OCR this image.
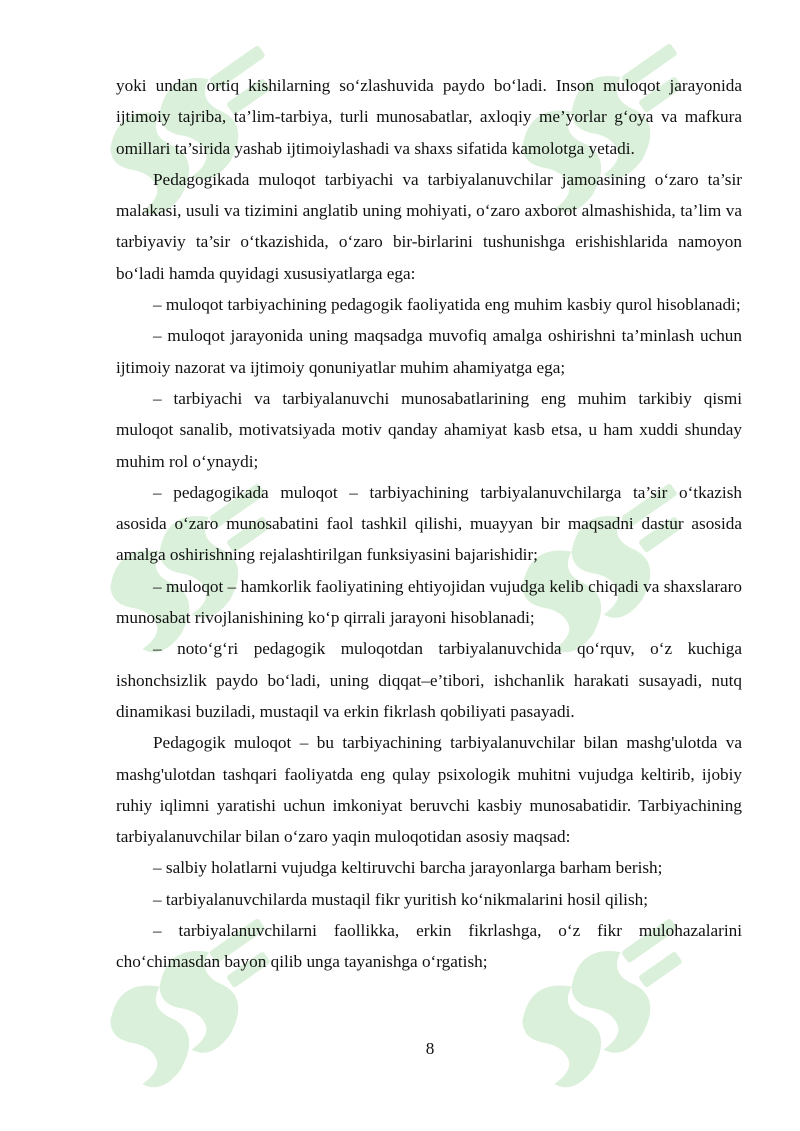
yoki undan ortiq kishilarning so‘zlashuvida paydo bo‘ladi. Inson muloqot jarayonida ijtimoiy tajriba, ta’lim-tarbiya, turli munosabatlar, axloqiy me’yorlar g‘oya va mafkura omillari ta’sirida yashab ijtimoiylashadi va shaxs sifatida kamolotga yetadi.

Pedagogikada muloqot tarbiyachi va tarbiyalanuvchilar jamoasining o‘zaro ta’sir malakasi, usuli va tizimini anglatib uning mohiyati, o‘zaro axborot almashishida, ta’lim va tarbiyaviy ta’sir o‘tkazishida, o‘zaro bir-birlarini tushunishga erishishlarida namoyon bo‘ladi hamda quyidagi xususiyatlarga ega:

– muloqot tarbiyachining pedagogik faoliyatida eng muhim kasbiy qurol hisoblanadi;

– muloqot jarayonida uning maqsadga muvofiq amalga oshirishni ta’minlash uchun ijtimoiy nazorat va ijtimoiy qonuniyatlar muhim ahamiyatga ega;

– tarbiyachi va tarbiyalanuvchi munosabatlarining eng muhim tarkibiy qismi muloqot sanalib, motivatsiyada motiv qanday ahamiyat kasb etsa, u ham xuddi shunday muhim rol o‘ynaydi;

– pedagogikada muloqot – tarbiyachining tarbiyalanuvchilarga ta’sir o‘tkazish asosida o‘zaro munosabatini faol tashkil qilishi, muayyan bir maqsadni dastur asosida amalga oshirishning rejalashtirilgan funksiyasini bajarishidir;

– muloqot – hamkorlik faoliyatining ehtiyojidan vujudga kelib chiqadi va shaxslararo munosabat rivojlanishining ko‘p qirrali jarayoni hisoblanadi;

– noto‘g‘ri pedagogik muloqotdan tarbiyalanuvchida qo‘rquv, o‘z kuchiga ishonchsizlik paydo bo‘ladi, uning diqqat–e’tibori, ishchanlik harakati susayadi, nutq dinamikasi buziladi, mustaqil va erkin fikrlash qobiliyati pasayadi.

Pedagogik muloqot – bu tarbiyachining tarbiyalanuvchilar bilan mashg'ulotda va mashg'ulotdan tashqari faoliyatda eng qulay psixologik muhitni vujudga keltirib, ijobiy ruhiy iqlimni yaratishi uchun imkoniyat beruvchi kasbiy munosabatidir. Tarbiyachining tarbiyalanuvchilar bilan o‘zaro yaqin muloqotidan asosiy maqsad:

– salbiy holatlarni vujudga keltiruvchi barcha jarayonlarga barham berish;

– tarbiyalanuvchilarda mustaqil fikr yuritish ko‘nikmalarini hosil qilish;

– tarbiyalanuvchilarni faollikka, erkin fikrlashga, o‘z fikr mulohazalarini cho‘chimasdan bayon qilib unga tayanishga o‘rgatish;

8
